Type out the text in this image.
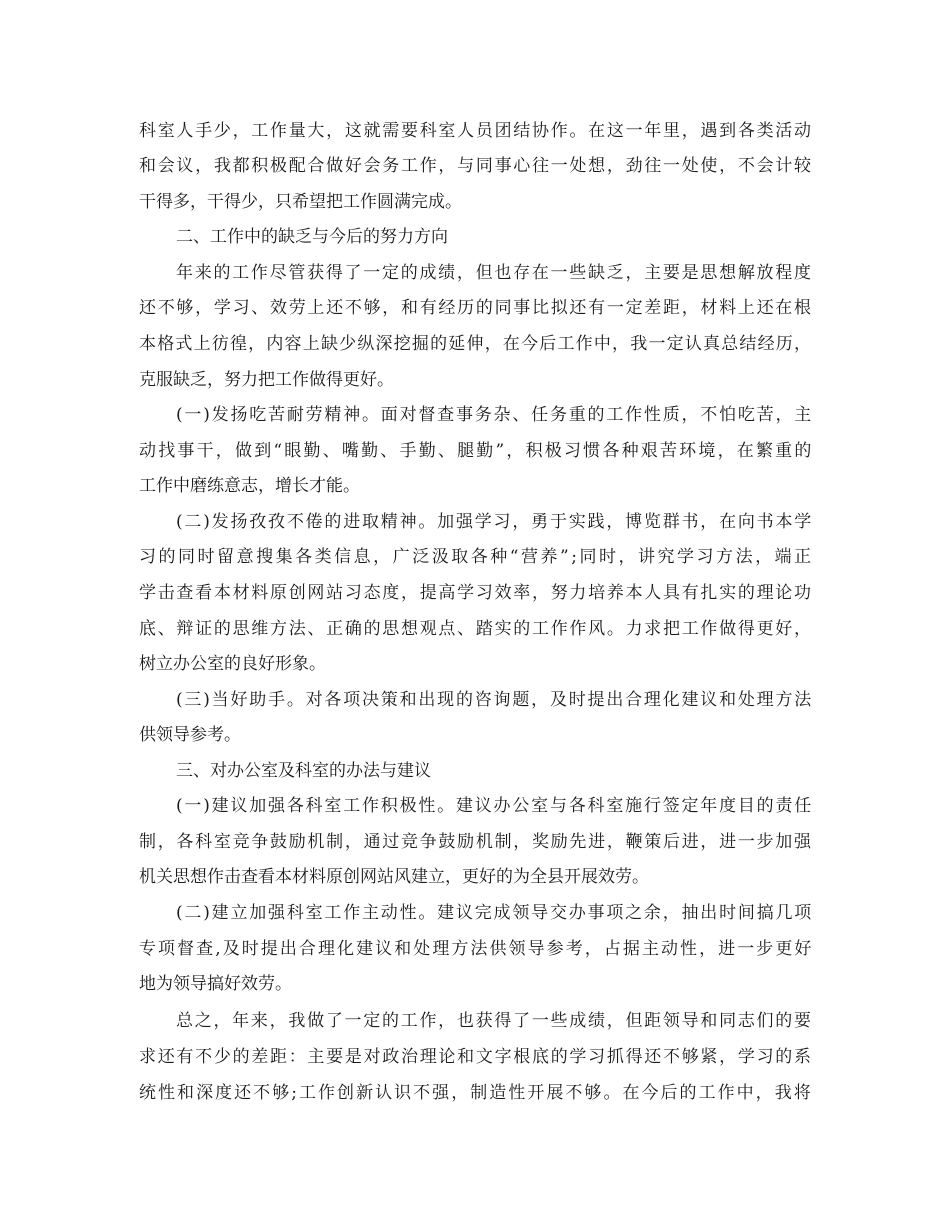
科室人手少，工作量大，这就需要科室人员团结协作。在这一年里，遇到各类活动
和会议，我都积极配合做好会务工作，与同事心往一处想，劲往一处使，不会计较
干得多，干得少，只希望把工作圆满完成。
二、工作中的缺乏与今后的努力方向
年来的工作尽管获得了一定的成绩，但也存在一些缺乏，主要是思想解放程度
还不够，学习、效劳上还不够，和有经历的同事比拟还有一定差距，材料上还在根
本格式上彷徨，内容上缺少纵深挖掘的延伸，在今后工作中，我一定认真总结经历，
克服缺乏，努力把工作做得更好。
(一)发扬吃苦耐劳精神。面对督查事务杂、任务重的工作性质，不怕吃苦，主
动找事干，做到“眼勤、嘴勤、手勤、腿勤”，积极习惯各种艰苦环境，在繁重的
工作中磨练意志，增长才能。
(二)发扬孜孜不倦的进取精神。加强学习，勇于实践，博览群书，在向书本学
习的同时留意搜集各类信息，广泛汲取各种“营养”;同时，讲究学习方法，端正
学击查看本材料原创网站习态度，提高学习效率，努力培养本人具有扎实的理论功
底、辩证的思维方法、正确的思想观点、踏实的工作作风。力求把工作做得更好，
树立办公室的良好形象。
(三)当好助手。对各项决策和出现的咨询题，及时提出合理化建议和处理方法
供领导参考。
三、对办公室及科室的办法与建议
(一)建议加强各科室工作积极性。建议办公室与各科室施行签定年度目的责任
制，各科室竞争鼓励机制，通过竞争鼓励机制，奖励先进，鞭策后进，进一步加强
机关思想作击查看本材料原创网站风建立，更好的为全县开展效劳。
(二)建立加强科室工作主动性。建议完成领导交办事项之余，抽出时间搞几项
专项督查,及时提出合理化建议和处理方法供领导参考，占据主动性，进一步更好
地为领导搞好效劳。
总之，年来，我做了一定的工作，也获得了一些成绩，但距领导和同志们的要
求还有不少的差距：主要是对政治理论和文字根底的学习抓得还不够紧，学习的系
统性和深度还不够;工作创新认识不强，制造性开展不够。在今后的工作中，我将
